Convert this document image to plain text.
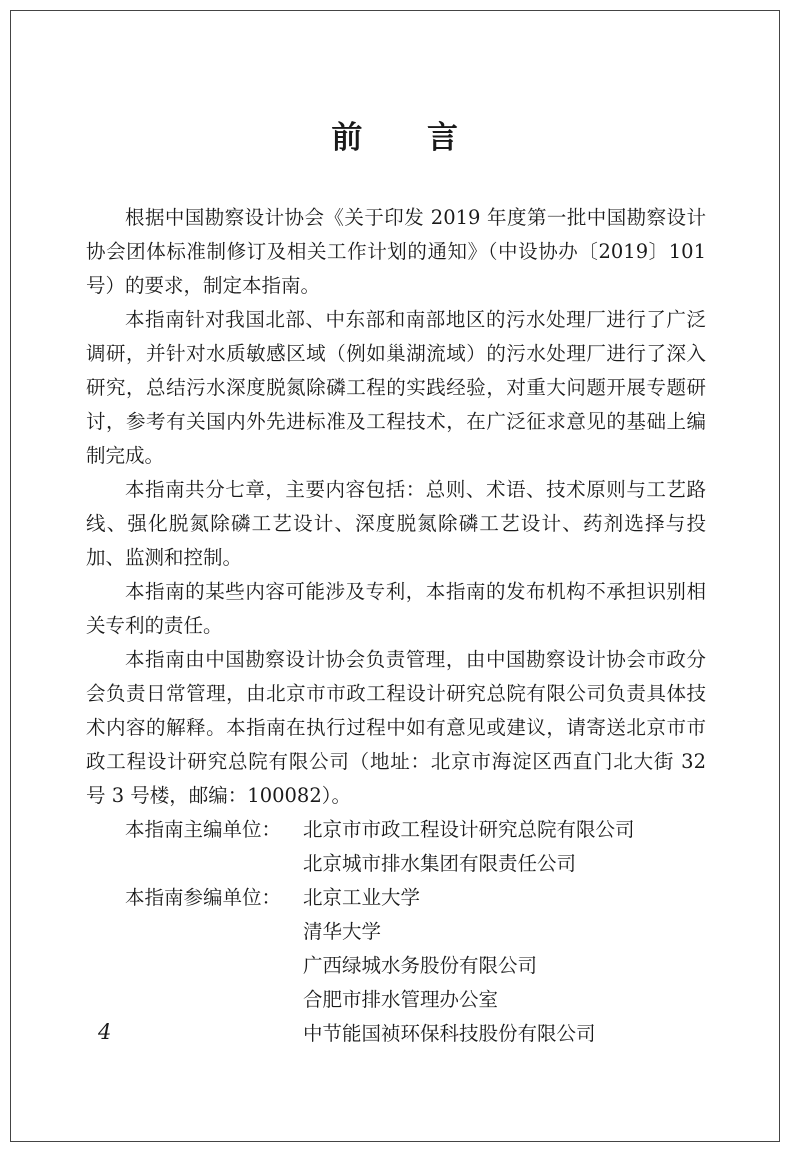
前 言

根据中国勘察设计协会《关于印发 2019 年度第一批中国勘察设计协会团体标准制修订及相关工作计划的通知》（中设协办〔2019〕101 号）的要求，制定本指南。

本指南针对我国北部、中东部和南部地区的污水处理厂进行了广泛调研，并针对水质敏感区域（例如巢湖流域）的污水处理厂进行了深入研究，总结污水深度脱氮除磷工程的实践经验，对重大问题开展专题研讨，参考有关国内外先进标准及工程技术，在广泛征求意见的基础上编制完成。

本指南共分七章，主要内容包括：总则、术语、技术原则与工艺路线、强化脱氮除磷工艺设计、深度脱氮除磷工艺设计、药剂选择与投加、监测和控制。

本指南的某些内容可能涉及专利，本指南的发布机构不承担识别相关专利的责任。

本指南由中国勘察设计协会负责管理，由中国勘察设计协会市政分会负责日常管理，由北京市市政工程设计研究总院有限公司负责具体技术内容的解释。本指南在执行过程中如有意见或建议，请寄送北京市市政工程设计研究总院有限公司（地址：北京市海淀区西直门北大街 32 号 3 号楼，邮编：100082）。

本指南主编单位：	北京市市政工程设计研究总院有限公司
北京城市排水集团有限责任公司
本指南参编单位：	北京工业大学
清华大学
广西绿城水务股份有限公司
合肥市排水管理办公室
中节能国祯环保科技股份有限公司
4
